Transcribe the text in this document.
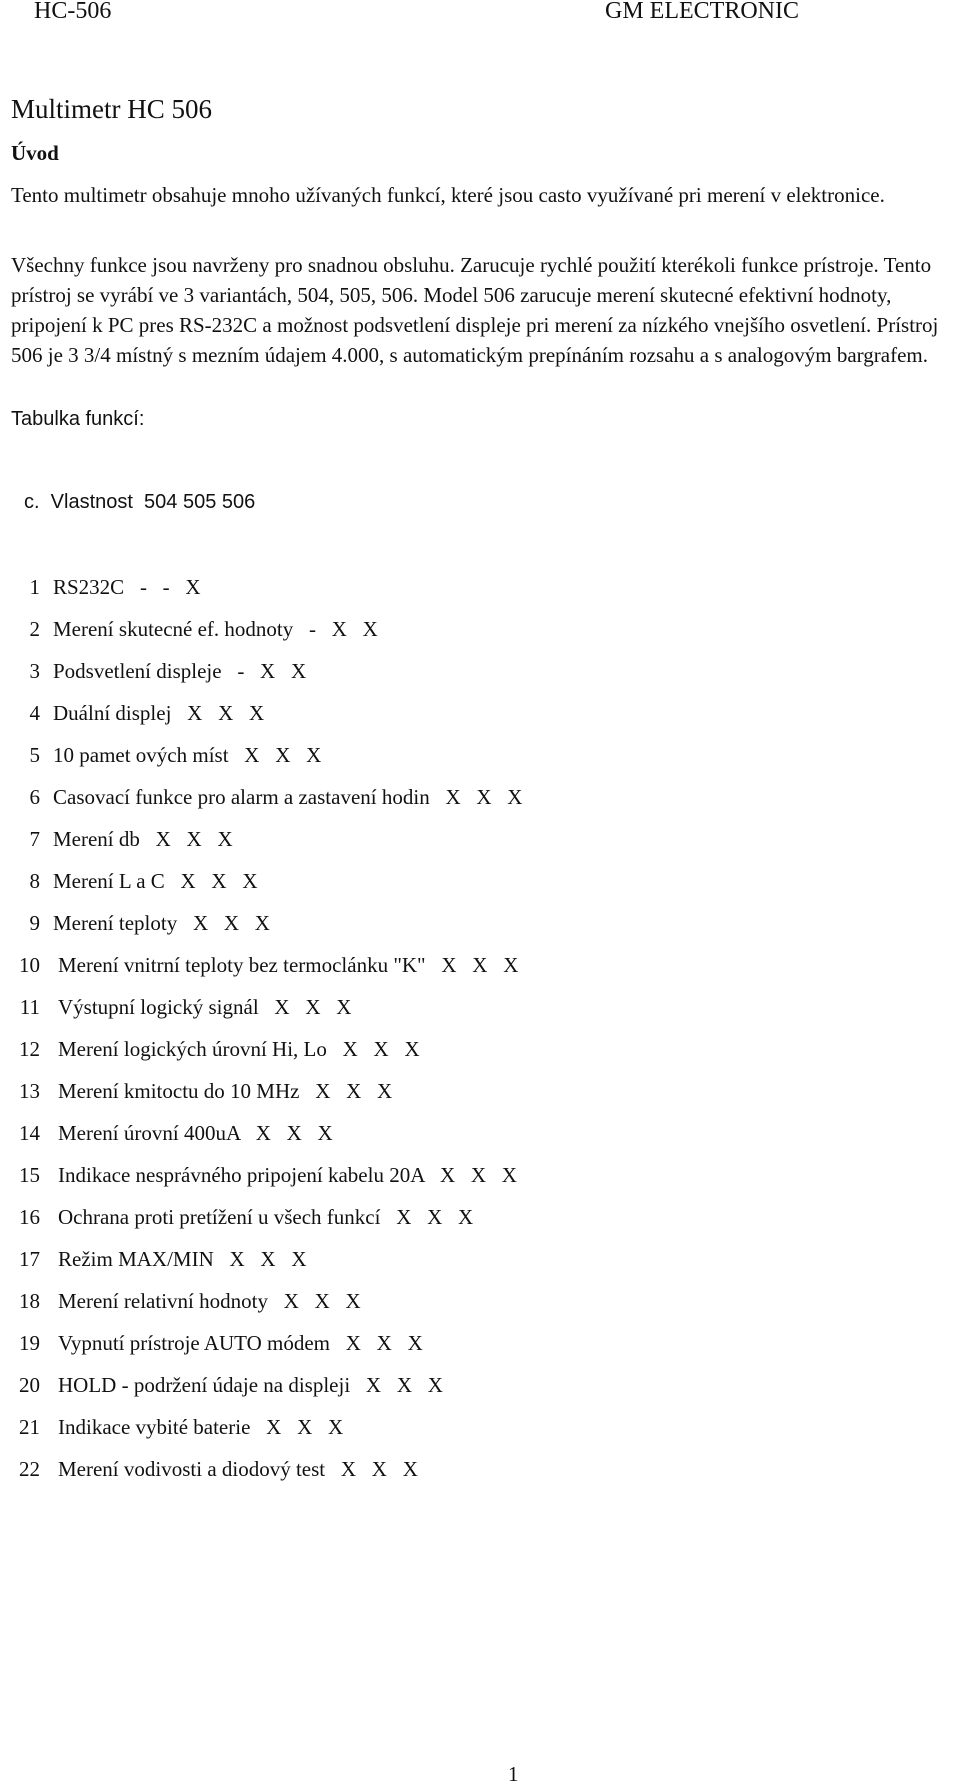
HC-506	GM ELECTRONIC
Multimetr HC 506
Úvod

Tento multimetr obsahuje mnoho užívaných funkcí, které jsou casto využívané pri merení v elektronice.

Všechny funkce jsou navrženy pro snadnou obsluhu. Zarucuje rychlé použití kterékoli funkce prístroje. Tento prístroj se vyrábí ve 3 variantách, 504, 505, 506. Model 506 zarucuje merení skutecné efektivní hodnoty, pripojení k PC pres RS-232C a možnost podsvetlení displeje pri merení za nízkého vnejšího osvetlení. Prístroj 506 je 3 3/4 místný s mezním údajem 4.000, s automatickým prepínáním rozsahu a s analogovým bargrafem.

Tabulka funkcí:
c.  Vlastnost  504 505 506
1 RS232C   -   -   X
2 Merení skutecné ef. hodnoty   -   X   X
3 Podsvetlení displeje   -   X   X
4 Duální displej   X   X   X
5 10 pamet ových míst   X   X   X
6 Casovací funkce pro alarm a zastavení hodin   X   X   X
7 Merení db   X   X   X
8 Merení L a C   X   X   X
9 Merení teploty   X   X   X
10 Merení vnitrní teploty bez termoclánku "K"   X   X   X
11 Výstupní logický signál   X   X   X
12 Merení logických úrovní Hi, Lo   X   X   X
13 Merení kmitoctu do 10 MHz   X   X   X
14 Merení úrovní 400uA   X   X   X
15 Indikace nesprávného pripojení kabelu 20A   X   X   X
16 Ochrana proti pretížení u všech funkcí   X   X   X
17 Režim MAX/MIN   X   X   X
18 Merení relativní hodnoty   X   X   X
19 Vypnutí prístroje AUTO módem   X   X   X
20 HOLD - podržení údaje na displeji   X   X   X
21 Indikace vybité baterie   X   X   X
22 Merení vodivosti a diodový test   X   X   X
1
